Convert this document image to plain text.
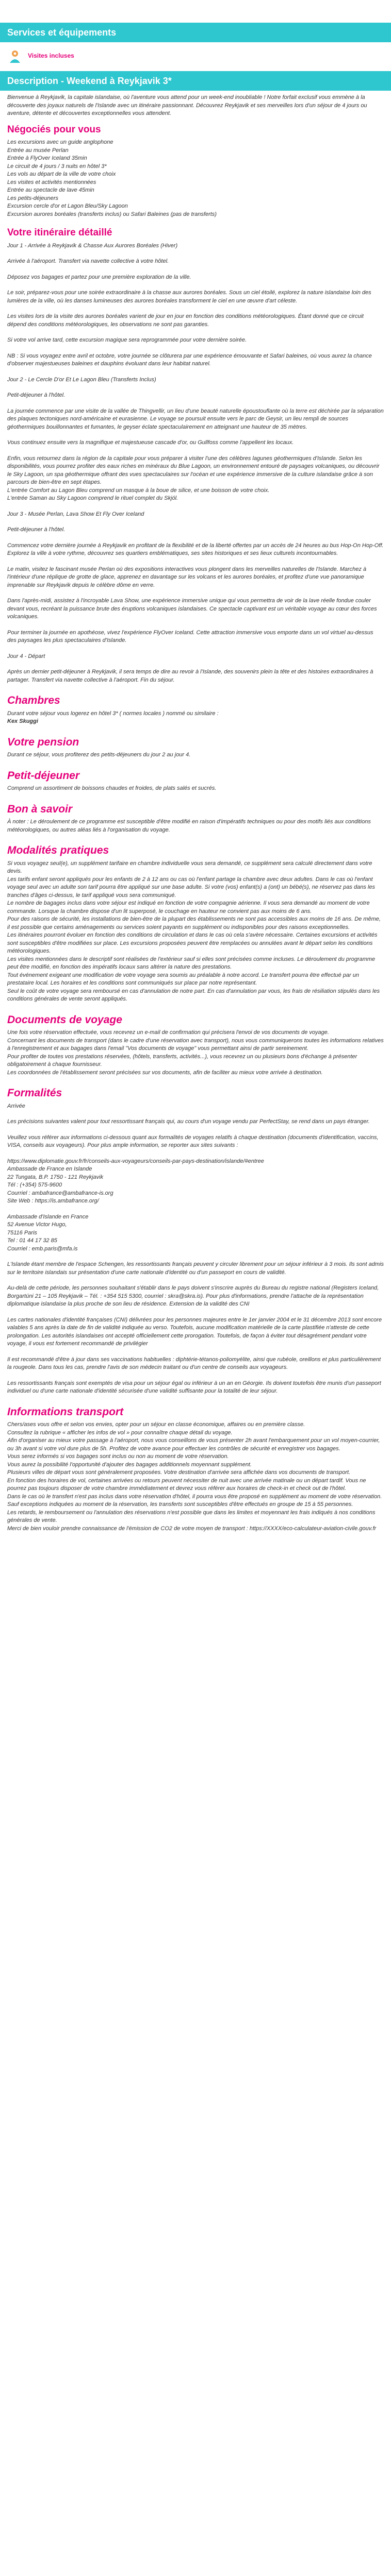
Services et équipements
Visites incluses
Description - Weekend à Reykjavik 3*

Bienvenue à Reykjavik, la capitale islandaise, où l'aventure vous attend pour un week-end inoubliable ! Notre forfait exclusif vous emmène à la découverte des joyaux naturels de l'Islande avec un itinéraire passionnant. Découvrez Reykjavik et ses merveilles lors d'un séjour de 4 jours ou aventure, détente et découvertes exceptionnelles vous attendent.

Négociés pour vous
Les excursions avec un guide anglophone
Entrée au musée Perlan
Entrée à FlyOver Iceland 35min
Le circuit de 4 jours / 3 nuits en hôtel 3*
Les vols au départ de la ville de votre choix
Les visites et activités mentionnées
Entrée au spectacle de lave 45min
Les petits-déjeuners
Excursion cercle d'or et Lagon Bleu/Sky Lagoon
Excursion aurores boréales (transferts inclus) ou Safari Baleines (pas de transferts)
Votre itinéraire détaillé

Jour 1 - Arrivée à Reykjavik & Chasse Aux Aurores Boréales (Hiver)

Arrivée à l'aéroport. Transfert via navette collective à votre hôtel.

Déposez vos bagages et partez pour une première exploration de la ville.

Le soir, préparez-vous pour une soirée extraordinaire à la chasse aux aurores boréales. Sous un ciel étoilé, explorez la nature islandaise loin des lumières de la ville, où les danses lumineuses des aurores boréales transforment le ciel en une œuvre d'art céleste.

Les visites lors de la visite des aurores boréales varient de jour en jour en fonction des conditions météorologiques. Étant donné que ce circuit dépend des conditions météorologiques, les observations ne sont pas garanties.

Si votre vol arrive tard, cette excursion magique sera reprogrammée pour votre dernière soirée.

NB : Si vous voyagez entre avril et octobre, votre journée se clôturera par une expérience émouvante et Safari baleines, où vous aurez la chance d'observer majestueuses baleines et dauphins évoluant dans leur habitat naturel.

Jour 2 - Le Cercle D'or Et Le Lagon Bleu (Transferts Inclus)

Petit-déjeuner à l'hôtel.

La journée commence par une visite de la vallée de Thingvellir, un lieu d'une beauté naturelle époustouflante où la terre est déchirée par la séparation des plaques tectoniques nord-américaine et eurasienne. Le voyage se poursuit ensuite vers le parc de Geysir, un lieu rempli de sources géothermiques bouillonnantes et fumantes, le geyser éclate spectaculairement en atteignant une hauteur de 35 mètres.

Vous continuez ensuite vers la magnifique et majestueuse cascade d'or, ou Gullfoss comme l'appellent les locaux.

Enfin, vous retournez dans la région de la capitale pour vous préparer à visiter l'une des célèbres lagunes géothermiques d'Islande. Selon les disponibilités, vous pourrez profiter des eaux riches en minéraux du Blue Lagoon, un environnement entouré de paysages volcaniques, ou découvrir le Sky Lagoon, un spa géothermique offrant des vues spectaculaires sur l'océan et une expérience immersive de la culture islandaise grâce à son parcours de bien-être en sept étapes.

L'entrée Comfort au Lagon Bleu comprend un masque à la boue de silice, et une boisson de votre choix.

L'entrée Saman au Sky Lagoon comprend le rituel complet du Skjól.

Jour 3 - Musée Perlan, Lava Show Et Fly Over Iceland

Petit-déjeuner à l'hôtel.

Commencez votre dernière journée à Reykjavik en profitant de la flexibilité et de la liberté offertes par un accès de 24 heures au bus Hop-On Hop-Off. Explorez la ville à votre rythme, découvrez ses quartiers emblématiques, ses sites historiques et ses lieux culturels incontournables.

Le matin, visitez le fascinant musée Perlan où des expositions interactives vous plongent dans les merveilles naturelles de l'Islande. Marchez à l'intérieur d'une réplique de grotte de glace, apprenez en davantage sur les volcans et les aurores boréales, et profitez d'une vue panoramique imprenable sur Reykjavik depuis le célèbre dôme en verre.

Dans l'après-midi, assistez à l'incroyable Lava Show, une expérience immersive unique qui vous permettra de voir de la lave réelle fondue couler devant vous, recréant la puissance brute des éruptions volcaniques islandaises. Ce spectacle captivant est un véritable voyage au cœur des forces volcaniques.

Pour terminer la journée en apothéose, vivez l'expérience FlyOver Iceland. Cette attraction immersive vous emporte dans un vol virtuel au-dessus des paysages les plus spectaculaires d'Islande.

Jour 4 - Départ

Après un dernier petit-déjeuner à Reykjavik, il sera temps de dire au revoir à l'Islande, des souvenirs plein la tête et des histoires extraordinaires à partager. Transfert via navette collective à l'aéroport. Fin du séjour.

Chambres

Durant votre séjour vous logerez en hôtel 3* ( normes locales ) nommé ou similaire :

Kex Skuggi

Votre pension

Durant ce séjour, vous profiterez des petits-déjeuners du jour 2 au jour 4.

Petit-déjeuner

Comprend un assortiment de boissons chaudes et froides, de plats salés et sucrés.

Bon à savoir

À noter : Le déroulement de ce programme est susceptible d'être modifié en raison d'impératifs techniques ou pour des motifs liés aux conditions météorologiques, ou autres aléas liés à l'organisation du voyage.

Modalités pratiques

Si vous voyagez seul(e), un supplément tarifaire en chambre individuelle vous sera demandé, ce supplément sera calculé directement dans votre devis.

Les tarifs enfant seront appliqués pour les enfants de 2 à 12 ans ou cas où l'enfant partage la chambre avec deux adultes. Dans le cas où l'enfant voyage seul avec un adulte son tarif pourra être appliqué sur une base adulte. Si votre (vos) enfant(s) a (ont) un bébé(s), ne réservez pas dans les tranches d'âges ci-dessus, le tarif appliqué vous sera communiqué.

Le nombre de bagages inclus dans votre séjour est indiqué en fonction de votre compagnie aérienne. Il vous sera demandé au moment de votre commande. Lorsque la chambre dispose d'un lit superposé, le couchage en hauteur ne convient pas aux moins de 6 ans.

Pour des raisons de sécurité, les installations de bien-être de la plupart des établissements ne sont pas accessibles aux moins de 16 ans. De même, il est possible que certains aménagements ou services soient payants en supplément ou indisponibles pour des raisons exceptionnelles.

Les itinéraires pourront évoluer en fonction des conditions de circulation et dans le cas où cela s'avère nécessaire. Certaines excursions et activités sont susceptibles d'être modifiées sur place. Les excursions proposées peuvent être remplacées ou annulées avant le départ selon les conditions météorologiques.

Les visites mentionnées dans le descriptif sont réalisées de l'extérieur sauf si elles sont précisées comme incluses. Le déroulement du programme peut être modifié, en fonction des impératifs locaux sans altérer la nature des prestations.

Tout événement exigeant une modification de votre voyage sera soumis au préalable à notre accord. Le transfert pourra être effectué par un prestataire local. Les horaires et les conditions sont communiqués sur place par notre représentant.

Seul le coût de votre voyage sera remboursé en cas d'annulation de notre part. En cas d'annulation par vous, les frais de résiliation stipulés dans les conditions générales de vente seront appliqués.

Documents de voyage

Une fois votre réservation effectuée, vous recevrez un e-mail de confirmation qui précisera l'envoi de vos documents de voyage.

Concernant les documents de transport (dans le cadre d'une réservation avec transport), nous vous communiquerons toutes les informations relatives à l'enregistrement et aux bagages dans l'email "Vos documents de voyage" vous permettant ainsi de partir sereinement.

Pour profiter de toutes vos prestations réservées, (hôtels, transferts, activités...), vous recevrez un ou plusieurs bons d'échange à présenter obligatoirement à chaque fournisseur.

Les coordonnées de l'établissement seront précisées sur vos documents, afin de faciliter au mieux votre arrivée à destination.

Formalités

Arrivée

Les précisions suivantes valent pour tout ressortissant français qui, au cours d'un voyage vendu par PerfectStay, se rend dans un pays étranger.

Veuillez vous référer aux informations ci-dessous quant aux formalités de voyages relatifs à chaque destination (documents d'identification, vaccins, VISA, conseils aux voyageurs). Pour plus ample information, se reporter aux sites suivants :

https://www.diplomatie.gouv.fr/fr/conseils-aux-voyageurs/conseils-par-pays-destination/islande/#entree
Ambassade de France en Islande
22 Tungata, B.P. 1750 - 121 Reykjavik
Tél : (+354) 575-9600
Courriel : ambafrance@ambafrance-is.org
Site Web : https://is.ambafrance.org/
Ambassade d'Islande en France
52 Avenue Victor Hugo,
75116 Paris
Tel : 01 44 17 32 85
Courriel : emb.paris@mfa.is

L'Islande étant membre de l'espace Schengen, les ressortissants français peuvent y circuler librement pour un séjour inférieur à 3 mois. Ils sont admis sur le territoire islandais sur présentation d'une carte nationale d'identité ou d'un passeport en cours de validité.

Au-delà de cette période, les personnes souhaitant s'établir dans le pays doivent s'inscrire auprès du Bureau du registre national (Registers Iceland, Borgartúni 21 – 105 Reykjavik – Tél. : +354 515 5300, courriel : skra@skra.is). Pour plus d'informations, prendre l'attache de la représentation diplomatique islandaise la plus proche de son lieu de résidence. Extension de la validité des CNI

Les cartes nationales d'identité françaises (CNI) délivrées pour les personnes majeures entre le 1er janvier 2004 et le 31 décembre 2013 sont encore valables 5 ans après la date de fin de validité indiquée au verso. Toutefois, aucune modification matérielle de la carte plastifiée n'atteste de cette prolongation. Les autorités islandaises ont accepté officiellement cette prorogation. Toutefois, de façon à éviter tout désagrément pendant votre voyage, il vous est fortement recommandé de privilégier

Il est recommandé d'être à jour dans ses vaccinations habituelles : diphtérie-tétanos-poliomyélite, ainsi que rubéole, oreillons et plus particulièrement la rougeole. Dans tous les cas, prendre l'avis de son médecin traitant ou d'un centre de conseils aux voyageurs.

Les ressortissants français sont exemptés de visa pour un séjour égal ou inférieur à un an en Géorgie. Ils doivent toutefois être munis d'un passeport individuel ou d'une carte nationale d'identité sécurisée d'une validité suffisante pour la totalité de leur séjour.

Informations transport
Chers/ases vous offre et selon vos envies, opter pour un séjour en classe économique, affaires ou en première classe.
Consultez la rubrique « afficher les infos de vol » pour connaître chaque détail du voyage.
Afin d'organiser au mieux votre passage à l'aéroport, nous vous conseillons de vous présenter 2h avant l'embarquement pour un vol moyen-courrier, ou 3h avant si votre vol dure plus de 5h. Profitez de votre avance pour effectuer les contrôles de sécurité et enregistrer vos bagages.
Vous serez informés si vos bagages sont inclus ou non au moment de votre réservation.
Vous aurez la possibilité l'opportunité d'ajouter des bagages additionnels moyennant supplément.
Plusieurs villes de départ vous sont généralement proposées. Votre destination d'arrivée sera affichée dans vos documents de transport.
En fonction des horaires de vol, certaines arrivées ou retours peuvent nécessiter de nuit avec une arrivée matinale ou un départ tardif. Vous ne pourrez pas toujours disposer de votre chambre immédiatement et devrez vous référer aux horaires de check-in et check out de l'hôtel.
Dans le cas où le transfert n'est pas inclus dans votre réservation d'hôtel, il pourra vous être proposé en supplément au moment de votre réservation. Sauf exceptions indiquées au moment de la réservation, les transferts sont susceptibles d'être effectués en groupe de 15 à 55 personnes.
Les retards, le remboursement ou l'annulation des réservations n'est possible que dans les limites et moyennant les frais indiqués à nos conditions générales de vente.
Merci de bien vouloir prendre connaissance de l'émission de CO2 de votre moyen de transport : https://XXXX/eco-calculateur-aviation-civile.gouv.fr
